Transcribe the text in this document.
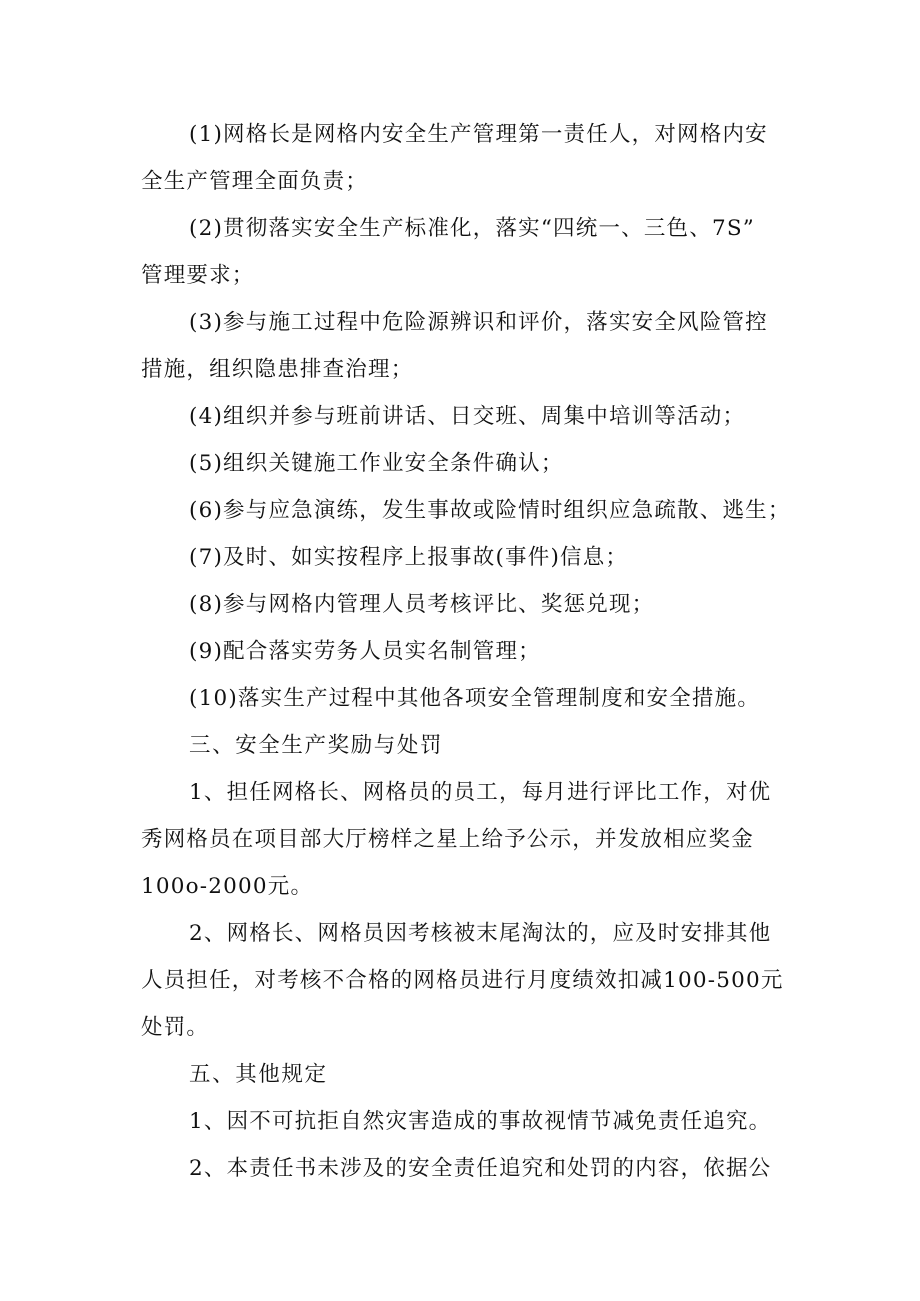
(1)网格长是网格内安全生产管理第一责任人，对网格内安
全生产管理全面负责；
(2)贯彻落实安全生产标准化，落实“四统一、三色、7S”
管理要求；
(3)参与施工过程中危险源辨识和评价，落实安全风险管控
措施，组织隐患排查治理；
(4)组织并参与班前讲话、日交班、周集中培训等活动；
(5)组织关键施工作业安全条件确认；
(6)参与应急演练，发生事故或险情时组织应急疏散、逃生；
(7)及时、如实按程序上报事故(事件)信息；
(8)参与网格内管理人员考核评比、奖惩兑现；
(9)配合落实劳务人员实名制管理；
(10)落实生产过程中其他各项安全管理制度和安全措施。
三、安全生产奖励与处罚
1、担任网格长、网格员的员工，每月进行评比工作，对优
秀网格员在项目部大厅榜样之星上给予公示，并发放相应奖金
100o-2000元。
2、网格长、网格员因考核被末尾淘汰的，应及时安排其他
人员担任，对考核不合格的网格员进行月度绩效扣减100-500元
处罚。
五、其他规定
1、因不可抗拒自然灾害造成的事故视情节减免责任追究。
2、本责任书未涉及的安全责任追究和处罚的内容，依据公
